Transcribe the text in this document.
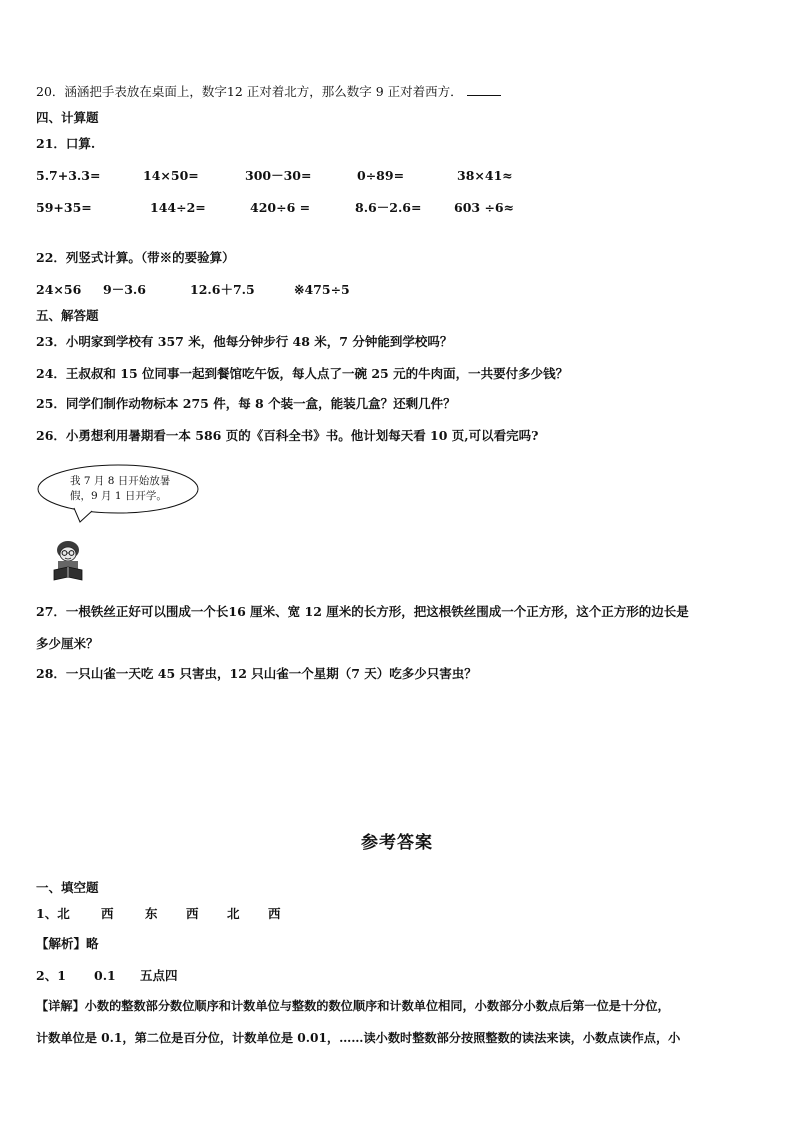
20．涵涵把手表放在桌面上，数字12 正对着北方，那么数字 9 正对着西方．
四、计算题
21．口算.
5.7+3.3=	14×50=	300－30=	0÷89=	38×41≈
59+35=	144÷2=	420÷6 =	8.6－2.6=	603 ÷6≈
22．列竖式计算。（带※的要验算）
24×56 9－3.6	12.6＋7.5	※475÷5
五、解答题
23．小明家到学校有 357 米，他每分钟步行 48 米，7 分钟能到学校吗？
24．王叔叔和 15 位同事一起到餐馆吃午饭，每人点了一碗 25 元的牛肉面，一共要付多少钱？
25．同学们制作动物标本 275 件，每 8 个装一盒，能装几盒？还剩几件？
26．小勇想利用暑期看一本 586 页的《百科全书》书。他计划每天看 10 页,可以看完吗?
我 7 月 8 日开始放暑假，9 月 1 日开学。
27．一根铁丝正好可以围成一个长16 厘米、宽 12 厘米的长方形，把这根铁丝围成一个正方形，这个正方形的边长是
多少厘米？
28．一只山雀一天吃 45 只害虫，12 只山雀一个星期（7 天）吃多少只害虫？
参考答案
一、填空题
1、北	西	东 西 北 西
【解析】略
2、1 0.1 五点四
【详解】小数的整数部分数位顺序和计数单位与整数的数位顺序和计数单位相同，小数部分小数点后第一位是十分位，
计数单位是 0.1，第二位是百分位，计数单位是 0.01，……读小数时整数部分按照整数的读法来读，小数点读作点，小
